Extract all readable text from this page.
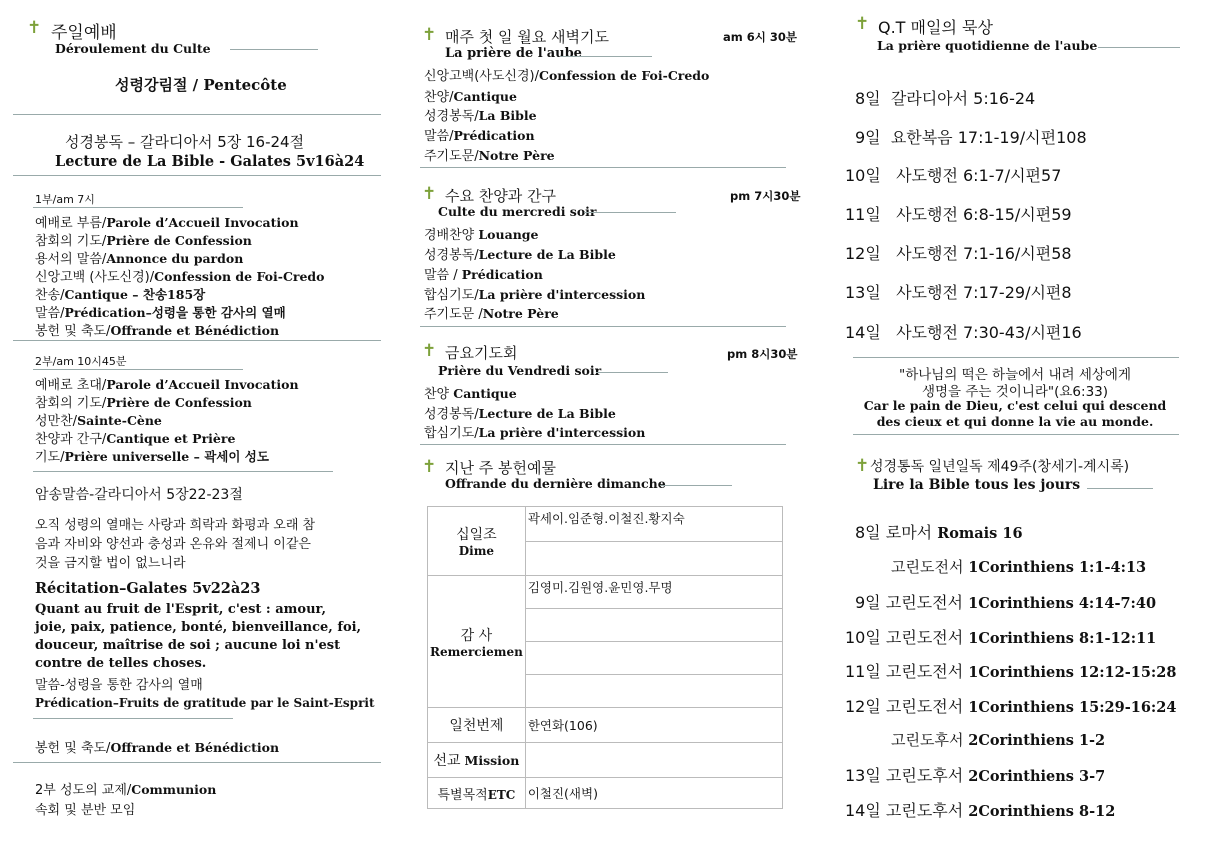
✝ 주일예배
Déroulement du Culte
성령강림절 / Pentecôte
성경봉독 – 갈라디아서 5장 16-24절
Lecture de La Bible - Galates 5v16à24
1부/am 7시
예배로 부름/Parole d’Accueil Invocation
참회의 기도/Prière de Confession
용서의 말씀/Annonce du pardon
신앙고백 (사도신경)/Confession de Foi-Credo
찬송/Cantique – 찬송185장
말씀/Prédication–성령을 통한 감사의 열매
봉헌 및 축도/Offrande et Bénédiction
2부/am 10시45분
예배로 초대/Parole d’Accueil Invocation
참회의 기도/Prière de Confession
성만찬/Sainte-Cène
찬양과 간구/Cantique et Prière
기도/Prière universelle – 곽세이 성도
암송말씀-갈라디아서 5장22-23절
오직 성령의 열매는 사랑과 희락과 화평과 오래 참
음과 자비와 양선과 충성과 온유와 절제니 이같은
것을 금지할 법이 없느니라
Récitation–Galates 5v22à23
Quant au fruit de l'Esprit, c'est : amour,
joie, paix, patience, bonté, bienveillance, foi,
douceur, maîtrise de soi ; aucune loi n'est
contre de telles choses.
말씀-성령을 통한 감사의 열매
Prédication–Fruits de gratitude par le Saint-Esprit
봉헌 및 축도/Offrande et Bénédiction
2부 성도의 교제/Communion
속회 및 분반 모임
✝ 매주 첫 일 월요 새벽기도	am 6시 30분
La prière de l'aube
신앙고백(사도신경)/Confession de Foi-Credo
찬양/Cantique
성경봉독/La Bible
말씀/Prédication
주기도문/Notre Père
✝ 수요 찬양과 간구	pm 7시30분
Culte du mercredi soir
경배찬양 Louange
성경봉독/Lecture de La Bible
말씀 / Prédication
합심기도/La prière d'intercession
주기도문 /Notre Père
✝ 금요기도회	pm 8시30분
Prière du Vendredi soir
찬양 Cantique
성경봉독/Lecture de La Bible
합심기도/La prière d'intercession
✝ 지난 주 봉헌예물
Offrande du dernière dimanche
십일조
Dime	곽세이.임준형.이철진.황지숙

감 사
Remerciemen	김영미.김원영.윤민영.무명

일천번제	한연화(106)
선교 Mission	
특별목적ETC	이철진(새벽)
✝ Q.T 매일의 묵상
La prière quotidienne de l'aube
8일 갈라디아서 5:16-24
9일 요한복음 17:1-19/시편108
10일 사도행전 6:1-7/시편57
11일 사도행전 6:8-15/시편59
12일 사도행전 7:1-16/시편58
13일 사도행전 7:17-29/시편8
14일 사도행전 7:30-43/시편16
"하나님의 떡은 하늘에서 내려 세상에게
생명을 주는 것이니라"(요6:33)
Car le pain de Dieu, c'est celui qui descend
des cieux et qui donne la vie au monde.
✝ 성경통독 일년일독 제49주(창세기-계시록)
Lire la Bible tous les jours
8일 로마서 Romais 16
고린도전서 1Corinthiens 1:1-4:13
9일 고린도전서 1Corinthiens 4:14-7:40
10일 고린도전서 1Corinthiens 8:1-12:11
11일 고린도전서 1Corinthiens 12:12-15:28
12일 고린도전서 1Corinthiens 15:29-16:24
고린도후서 2Corinthiens 1-2
13일 고린도후서 2Corinthiens 3-7
14일 고린도후서 2Corinthiens 8-12
